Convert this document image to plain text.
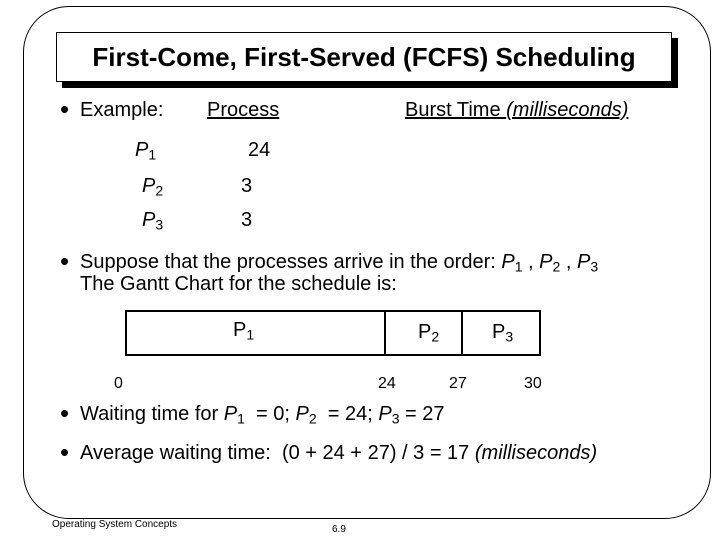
First-Come, First-Served (FCFS) Scheduling
• Example: Process	Burst Time (milliseconds)
$P_1$	24
$P_2$	3
$P_3$	3
• Suppose that the processes arrive in the order: $P_1$ , $P_2$ , $P_3$
The Gantt Chart for the schedule is:
$P_1$	$P_2$	$P_3$
0	24	27	30
• Waiting time for $P_1 = 0$; $P_2 = 24$; $P_3 = 27$
• Average waiting time:  (0 + 24 + 27) / 3 = 17 (milliseconds)
Operating System Concepts	6.9
